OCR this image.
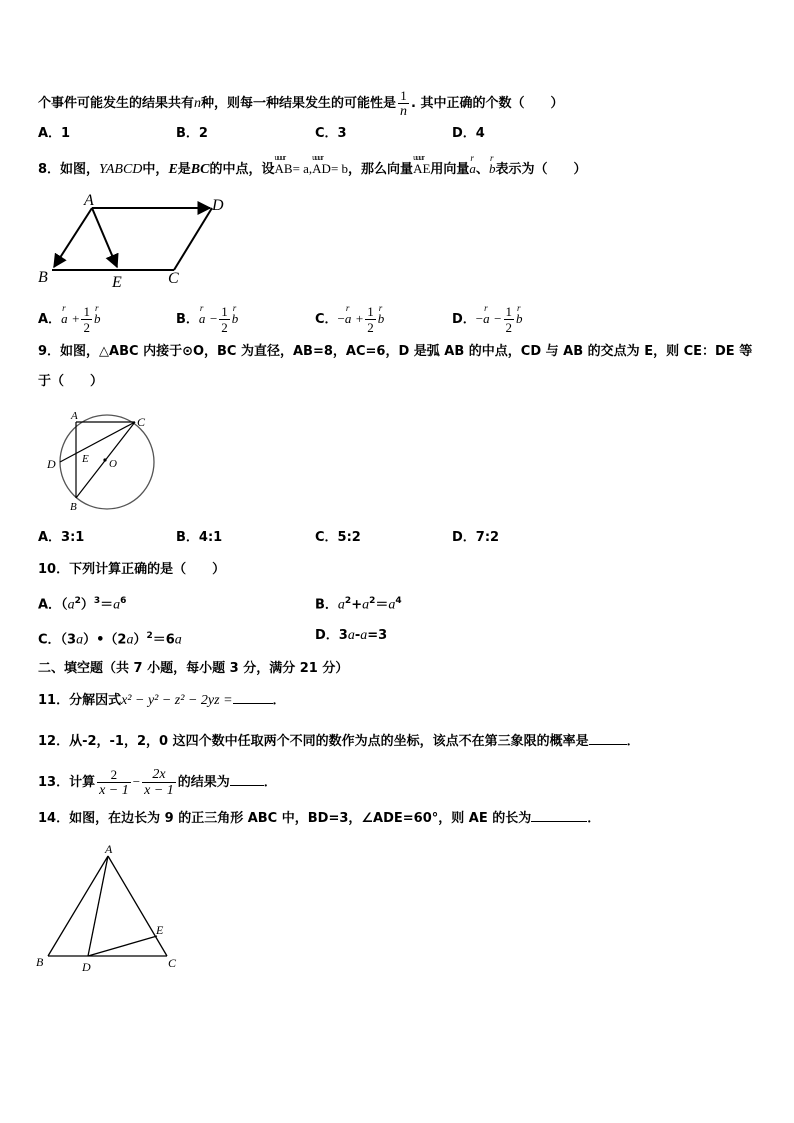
个事件可能发生的结果共有n种，则每一种结果发生的可能性是 $\frac{1}{n}$ . 其中正确的个数（　　）
A．1	B．2	C．3	D．4
8．如图，YABCD中，E是BC的中点，设uuur AB= a,uuur AD= b，那么向量uuur AE用向量r a、r b表示为（　　）
A
B	E	C
D
A．r $a + \frac{1}{2}$ r b	B．r $a - \frac{1}{2}$ r b	C．−r $a + \frac{1}{2}$ r b	D．−r $a - \frac{1}{2}$ r b
9．如图，△ABC 内接于⊙O，BC 为直径，AB=8，AC=6，D 是弧 AB 的中点，CD 与 AB 的交点为 E，则 CE：DE 等
于（　　）
A	C
D E O
B
A．3:1	B．4:1	C．5:2	D．7:2
10．下列计算正确的是（　　）
A．$(a^2)^3=a^6$	B．$a^2+a^2=a^4$
C．$(3a)•(2a)^2=6a$	D．3a-a=3
二、填空题（共 7 小题，每小题 3 分，满分 21 分）
11．分解因式x² − y² − z² − 2yz =	．
12．从-2，-1，2，0 这四个数中任取两个不同的数作为点的坐标，该点不在第三象限的概率是	．
13．计算 $\frac{2}{x - 1} - \frac{2x}{x - 1}$ 的结果为	．
14．如图，在边长为 9 的正三角形 ABC 中，BD=3，∠ADE=60°，则 AE 的长为	．
A
B	D	C
E
